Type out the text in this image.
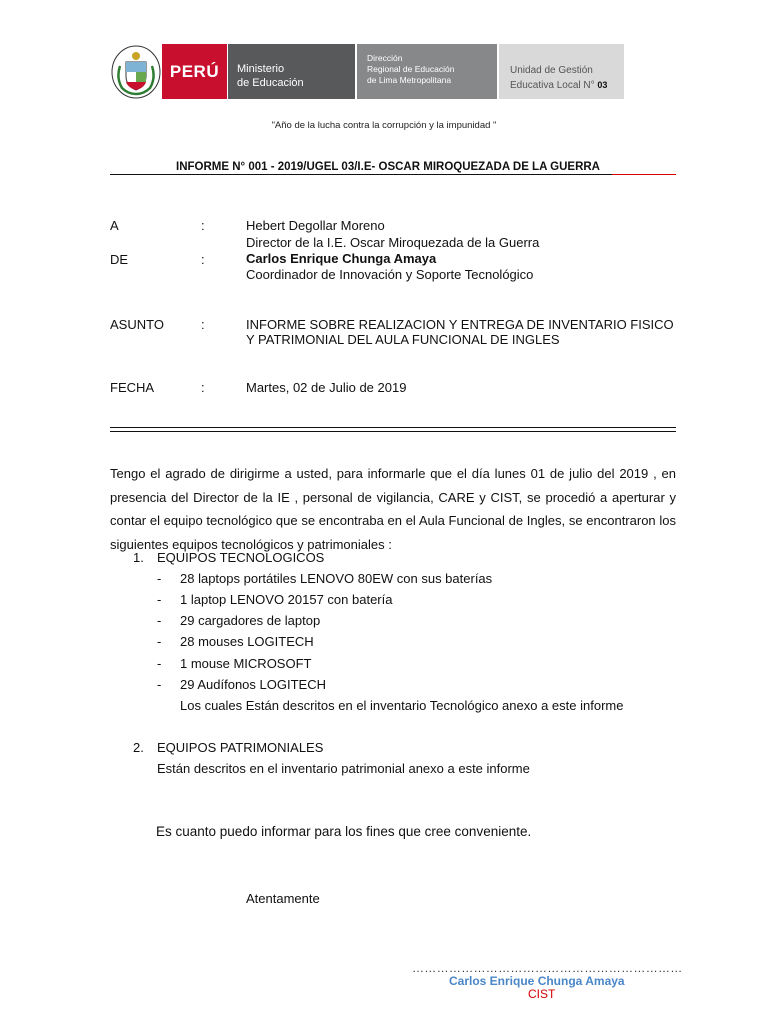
PERÚ Ministerio
de Educación
Dirección
Regional de Educación
de Lima Metropolitana
Unidad de Gestión
Educativa Local N° 03
"Año de la lucha contra la corrupción y la impunidad "
INFORME N° 001 - 2019/UGEL 03/I.E- OSCAR MIROQUEZADA DE LA GUERRA
A	:	Hebert Degollar Moreno
Director de la I.E. Oscar Miroquezada de la Guerra
DE	:	Carlos Enrique Chunga Amaya
Coordinador de Innovación y Soporte Tecnológico
ASUNTO	:	INFORME SOBRE REALIZACION Y ENTREGA DE INVENTARIO FISICO
Y PATRIMONIAL DEL AULA FUNCIONAL DE INGLES
FECHA	:	Martes, 02 de Julio de 2019
Tengo el agrado de dirigirme a usted, para informarle que el día lunes 01 de julio del 2019 , en presencia del Director de la IE , personal de vigilancia, CARE y CIST, se procedió a aperturar y contar el equipo tecnológico que se encontraba en el Aula Funcional de Ingles, se encontraron los siguientes equipos tecnológicos y patrimoniales :
1. EQUIPOS TECNOLOGICOS
- 28 laptops portátiles LENOVO 80EW con sus baterías
- 1 laptop LENOVO 20157 con batería
- 29 cargadores de laptop
- 28 mouses LOGITECH
- 1 mouse MICROSOFT
- 29 Audífonos LOGITECH
Los cuales Están descritos en el inventario Tecnológico anexo a este informe
2. EQUIPOS PATRIMONIALES
Están descritos en el inventario patrimonial anexo a este informe
Es cuanto puedo informar para los fines que cree conveniente.
Atentamente
…………………………………………………………
Carlos Enrique Chunga Amaya
CIST
